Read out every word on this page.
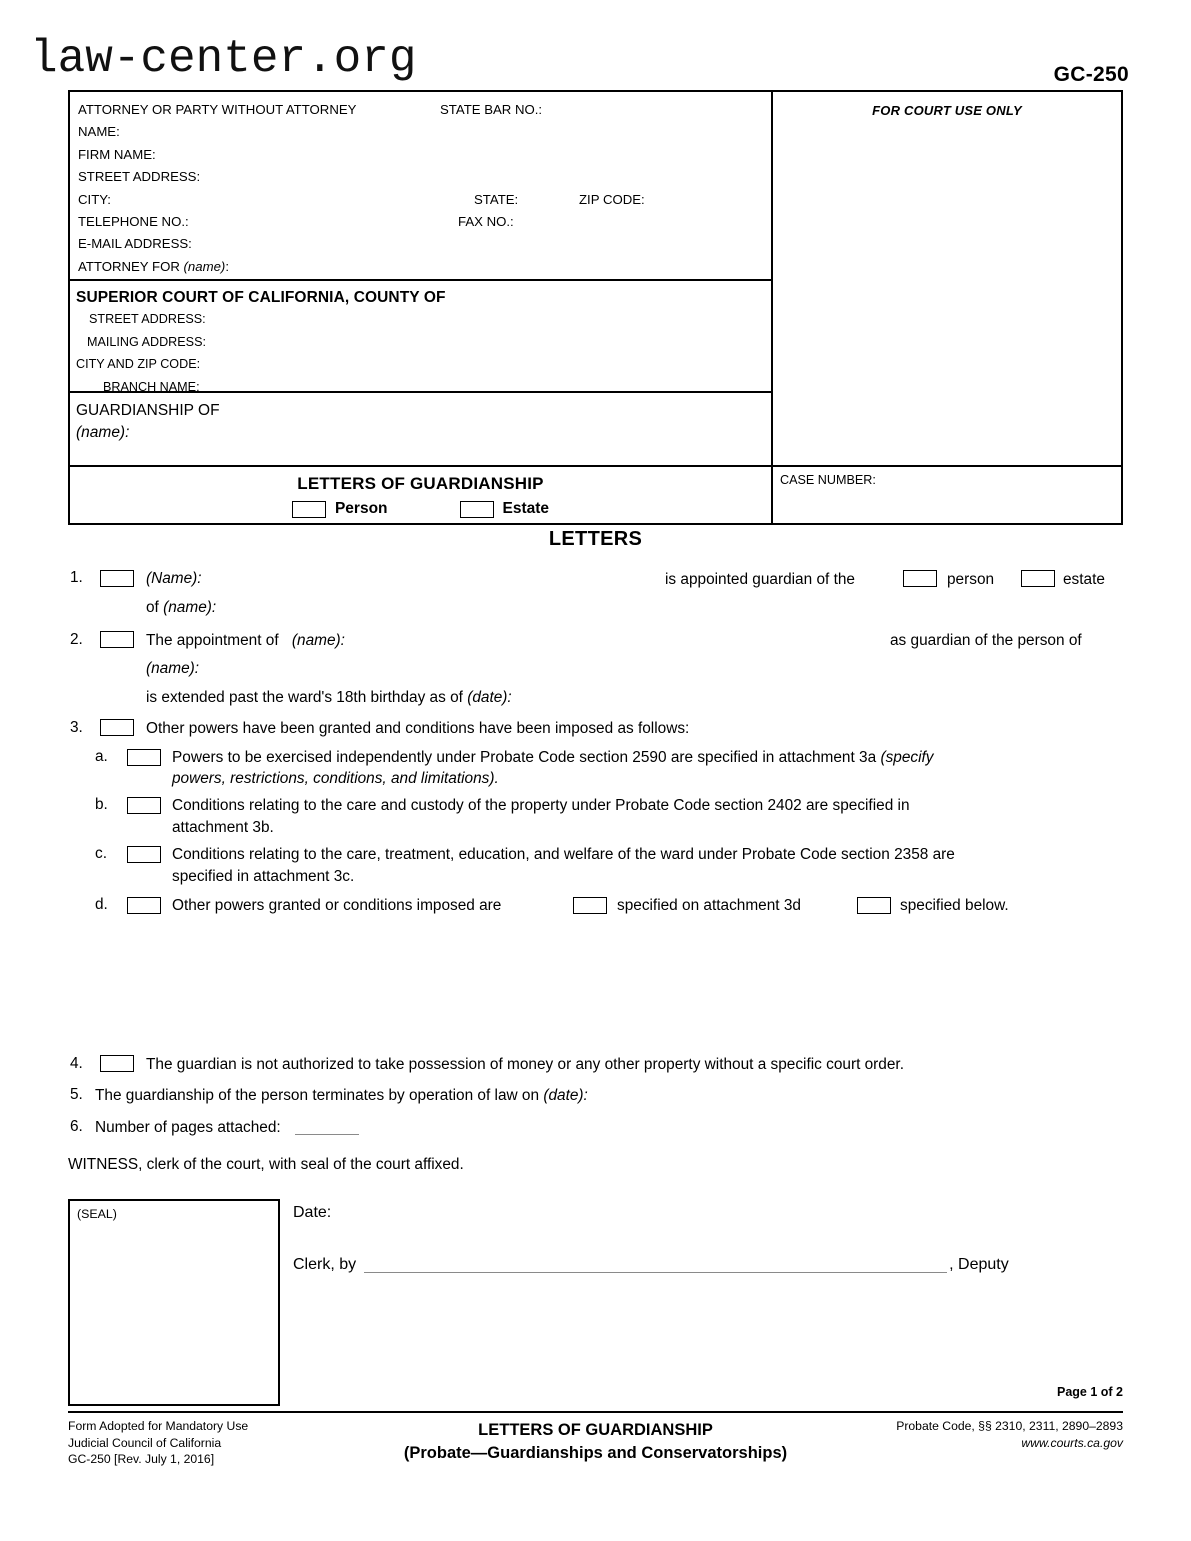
law-center.org	GC-250
ATTORNEY OR PARTY WITHOUT ATTORNEY	STATE BAR NO.:
NAME:
FIRM NAME:
STREET ADDRESS:
CITY:	STATE:	ZIP CODE:
TELEPHONE NO.:	FAX NO.:
E-MAIL ADDRESS:
ATTORNEY FOR (name):
SUPERIOR COURT OF CALIFORNIA, COUNTY OF
STREET ADDRESS:
MAILING ADDRESS:
CITY AND ZIP CODE:
BRANCH NAME:
GUARDIANSHIP OF
(name):
FOR COURT USE ONLY
LETTERS OF GUARDIANSHIP
Person	Estate
CASE NUMBER:
LETTERS
1.	(Name):	is appointed guardian of the	person	estate
of (name):
2.	The appointment of (name):	as guardian of the person of
(name):
is extended past the ward's 18th birthday as of (date):
3.	Other powers have been granted and conditions have been imposed as follows:
a.	Powers to be exercised independently under Probate Code section 2590 are specified in attachment 3a (specify
powers, restrictions, conditions, and limitations).
b.	Conditions relating to the care and custody of the property under Probate Code section 2402 are specified in
attachment 3b.
c.	Conditions relating to the care, treatment, education, and welfare of the ward under Probate Code section 2358 are
specified in attachment 3c.
d.	Other powers granted or conditions imposed are	specified on attachment 3d	specified below.
4.	The guardian is not authorized to take possession of money or any other property without a specific court order.
5. The guardianship of the person terminates by operation of law on (date):
6. Number of pages attached:
WITNESS, clerk of the court, with seal of the court affixed.
(SEAL)	Date:
Clerk, by	, Deputy
Page 1 of 2
Form Adopted for Mandatory Use
Judicial Council of California
GC-250 [Rev. July 1, 2016]
LETTERS OF GUARDIANSHIP
(Probate—Guardianships and Conservatorships)
Probate Code, §§ 2310, 2311, 2890–2893
www.courts.ca.gov
